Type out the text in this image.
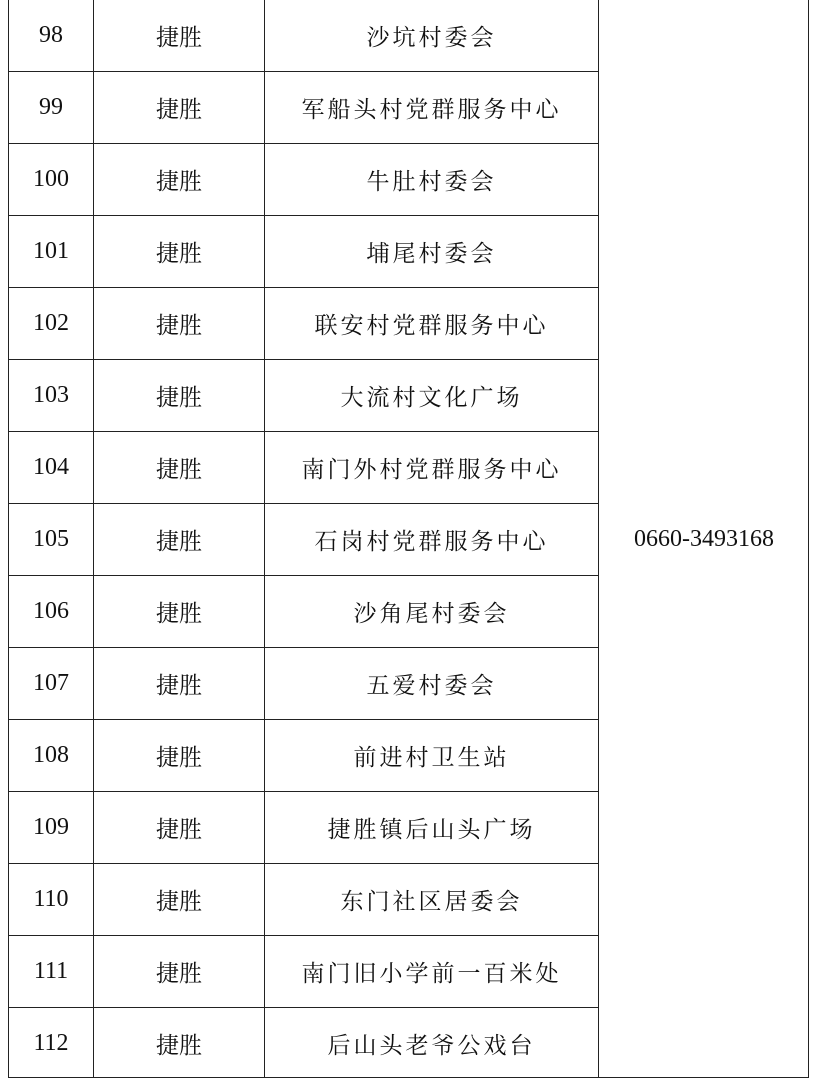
98	捷胜	沙坑村委会	0660-3493168
99	捷胜	军船头村党群服务中心	
100	捷胜	牛肚村委会	
101	捷胜	埔尾村委会	
102	捷胜	联安村党群服务中心	
103	捷胜	大流村文化广场	
104	捷胜	南门外村党群服务中心	
105	捷胜	石岗村党群服务中心	
106	捷胜	沙角尾村委会	
107	捷胜	五爱村委会	
108	捷胜	前进村卫生站	
109	捷胜	捷胜镇后山头广场	
110	捷胜	东门社区居委会	
111	捷胜	南门旧小学前一百米处	
112	捷胜	后山头老爷公戏台	
